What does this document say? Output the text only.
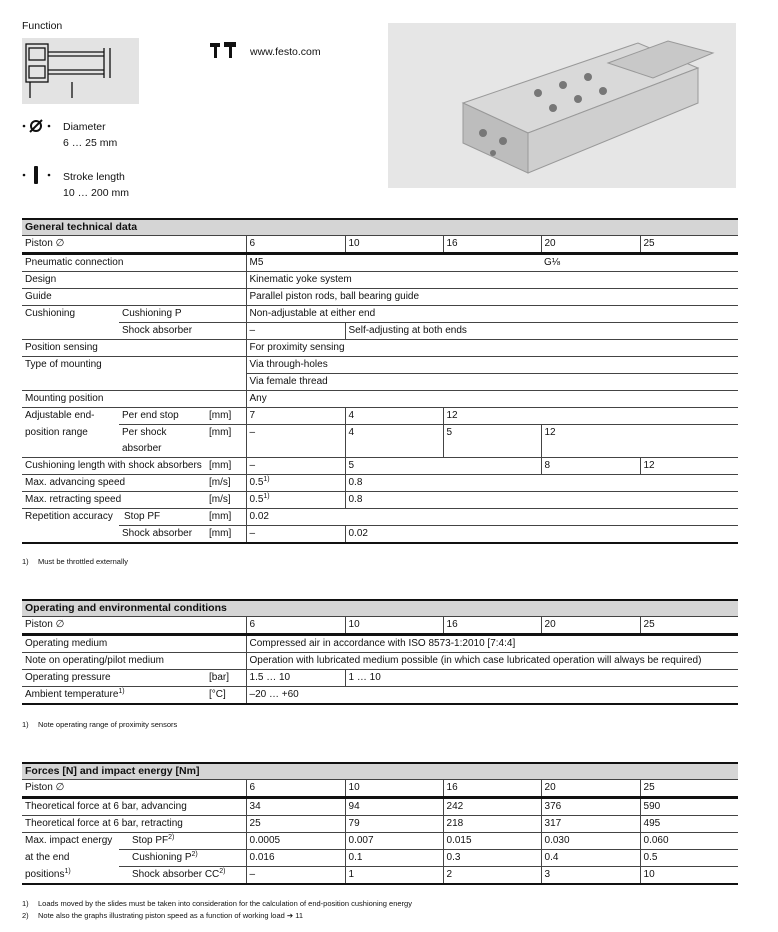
Function
Diameter
6 … 25 mm
Stroke length
10 … 200 mm
www.festo.com
General technical data
Piston ∅			6	10	16	20	25
Pneumatic connection			M5			G⅛	
Design			Kinematic yoke system				
Guide			Parallel piston rods, ball bearing guide				
Cushioning	Cushioning P		Non-adjustable at either end				
	Shock absorber		–	Self-adjusting at both ends			
Position sensing			For proximity sensing				
Type of mounting			Via through-holes				
			Via female thread				
Mounting position			Any				
Adjustable end-	Per end stop	[mm]	7	4	12		
position range	Per shock	[mm]	–	4	5	12	
	absorber						
Cushioning length with shock absorbers		[mm]	–	5		8	12
Max. advancing speed		[m/s]	0.5$^{1)}$	0.8			
Max. retracting speed		[m/s]	0.5$^{1)}$	0.8			
Repetition accuracy	Stop PF	[mm]	0.02				
	Shock absorber	[mm]	–	0.02			
1) Must be throttled externally
Operating and environmental conditions
Piston ∅		6	10	16	20	25
Operating medium		Compressed air in accordance with ISO 8573-1:2010 [7:4:4]				
Note on operating/pilot medium		Operation with lubricated medium possible (in which case lubricated operation will always be required)				
Operating pressure	[bar]	1.5 … 10	1 … 10			
Ambient temperature$^{1)}$	[°C]	–20 … +60				
1) Note operating range of proximity sensors
Forces [N] and impact energy [Nm]
Piston ∅		6	10	16	20	25
Theoretical force at 6 bar, advancing		34	94	242	376	590
Theoretical force at 6 bar, retracting		25	79	218	317	495
Max. impact energy	Stop PF$^{2)}$	0.0005	0.007	0.015	0.030	0.060
at the end	Cushioning $P^{2)}$	0.016	0.1	0.3	0.4	0.5
positions$^{1)}$	Shock absorber CC$^{2)}$	–	1	2	3	10
1) Loads moved by the slides must be taken into consideration for the calculation of end-position cushioning energy
2) Note also the graphs illustrating piston speed as a function of working load ➔ 11
